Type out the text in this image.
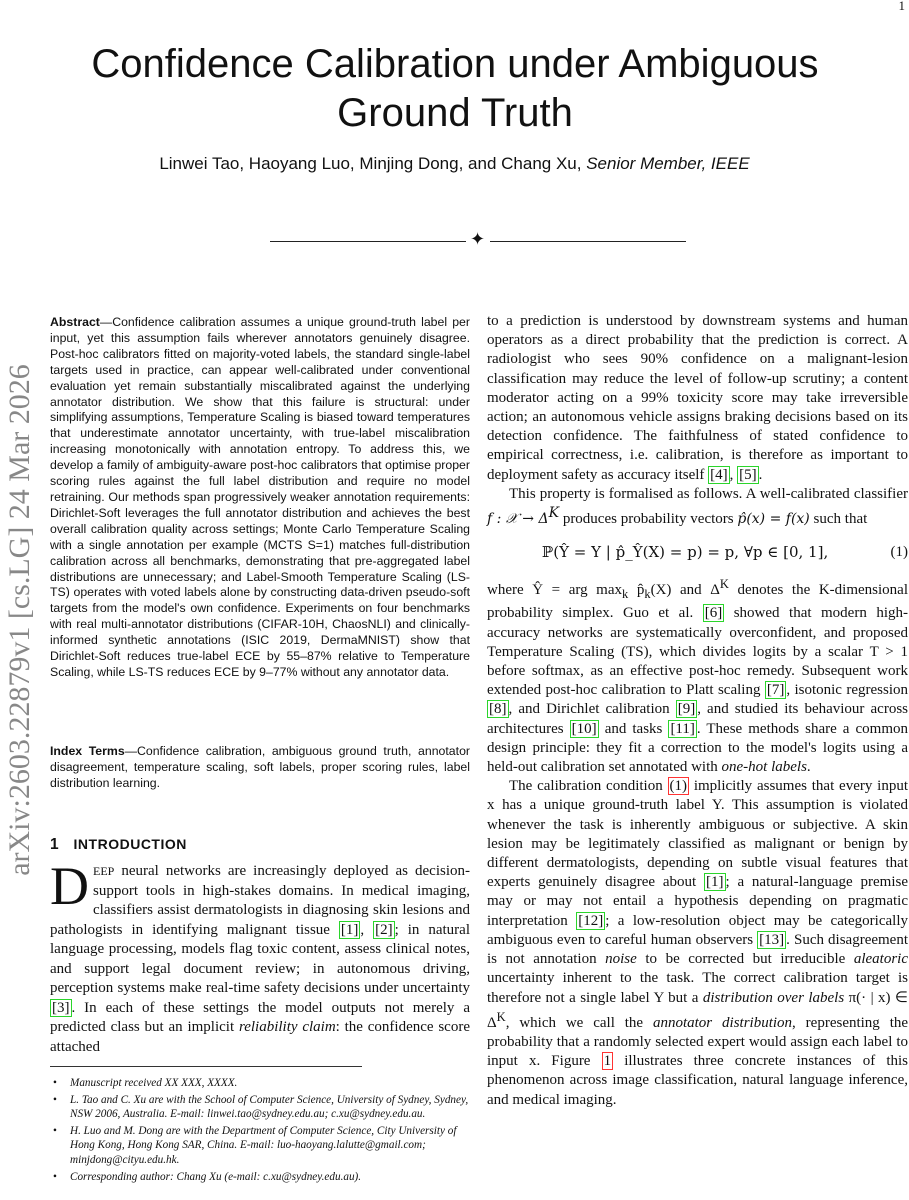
1
arXiv:2603.22879v1 [cs.LG] 24 Mar 2026
Confidence Calibration under Ambiguous Ground Truth
Linwei Tao, Haoyang Luo, Minjing Dong, and Chang Xu, Senior Member, IEEE
✦
Abstract—Confidence calibration assumes a unique ground-truth label per input, yet this assumption fails wherever annotators genuinely disagree. Post-hoc calibrators fitted on majority-voted labels, the standard single-label targets used in practice, can appear well-calibrated under conventional evaluation yet remain substantially miscalibrated against the underlying annotator distribution. We show that this failure is structural: under simplifying assumptions, Temperature Scaling is biased toward temperatures that underestimate annotator uncertainty, with true-label miscalibration increasing monotonically with annotation entropy. To address this, we develop a family of ambiguity-aware post-hoc calibrators that optimise proper scoring rules against the full label distribution and require no model retraining. Our methods span progressively weaker annotation requirements: Dirichlet-Soft leverages the full annotator distribution and achieves the best overall calibration quality across settings; Monte Carlo Temperature Scaling with a single annotation per example (MCTS S=1) matches full-distribution calibration across all benchmarks, demonstrating that pre-aggregated label distributions are unnecessary; and Label-Smooth Temperature Scaling (LS-TS) operates with voted labels alone by constructing data-driven pseudo-soft targets from the model's own confidence. Experiments on four benchmarks with real multi-annotator distributions (CIFAR-10H, ChaosNLI) and clinically-informed synthetic annotations (ISIC 2019, DermaMNIST) show that Dirichlet-Soft reduces true-label ECE by 55–87% relative to Temperature Scaling, while LS-TS reduces ECE by 9–77% without any annotator data.
Index Terms—Confidence calibration, ambiguous ground truth, annotator disagreement, temperature scaling, soft labels, proper scoring rules, label distribution learning.
1 INTRODUCTION
DEEP neural networks are increasingly deployed as decision-support tools in high-stakes domains. In medical imaging, classifiers assist dermatologists in diagnosing skin lesions and pathologists in identifying malignant tissue [1] , [2] ; in natural language processing, models flag toxic content, assess clinical notes, and support legal document review; in autonomous driving, perception systems make real-time safety decisions under uncertainty [3] . In each of these settings the model outputs not merely a predicted class but an implicit reliability claim: the confidence score attached
• Manuscript received XX XXX, XXXX.
• L. Tao and C. Xu are with the School of Computer Science, University of Sydney, Sydney, NSW 2006, Australia. E-mail: linwei.tao@sydney.edu.au; c.xu@sydney.edu.au.
• H. Luo and M. Dong are with the Department of Computer Science, City University of Hong Kong, Hong Kong SAR, China. E-mail: luo-haoyang.lalutte@gmail.com; minjdong@cityu.edu.hk.
• Corresponding author: Chang Xu (e-mail: c.xu@sydney.edu.au).

to a prediction is understood by downstream systems and human operators as a direct probability that the prediction is correct. A radiologist who sees 90% confidence on a malignant-lesion classification may reduce the level of follow-up scrutiny; a content moderator acting on a 99% toxicity score may take irreversible action; an autonomous vehicle assigns braking decisions based on its detection confidence. The faithfulness of stated confidence to empirical correctness, i.e. calibration, is therefore as important to deployment safety as accuracy itself [4] , [5] .

This property is formalised as follows. A well-calibrated classifier f : 𝒳 → $\Delta^K$ produces probability vectors p̂(x) = f(x) such that

ℙ(Ŷ = Y | p̂_Ŷ(X) = p) = p, ∀p ∈ [0, 1],	(1)

where Ŷ = arg $\max_k$ $p̂_k(X)$ and $\Delta^K$ denotes the K-dimensional probability simplex. Guo et al. [6] showed that modern high-accuracy networks are systematically overconfident, and proposed Temperature Scaling (TS), which divides logits by a scalar T > 1 before softmax, as an effective post-hoc remedy. Subsequent work extended post-hoc calibration to Platt scaling [7] , isotonic regression [8] , and Dirichlet calibration [9] , and studied its behaviour across architectures [10] and tasks [11] . These methods share a common design principle: they fit a correction to the model's logits using a held-out calibration set annotated with one-hot labels.

The calibration condition (1) implicitly assumes that every input x has a unique ground-truth label Y. This assumption is violated whenever the task is inherently ambiguous or subjective. A skin lesion may be legitimately classified as malignant or benign by different dermatologists, depending on subtle visual features that experts genuinely disagree about [1] ; a natural-language premise may or may not entail a hypothesis depending on pragmatic interpretation [12] ; a low-resolution object may be categorically ambiguous even to careful human observers [13] . Such disagreement is not annotation noise to be corrected but irreducible aleatoric uncertainty inherent to the task. The correct calibration target is therefore not a single label Y but a distribution over labels π(· | x) ∈ $\Delta^K$, which we call the annotator distribution, representing the probability that a randomly selected expert would assign each label to input x. Figure 1 illustrates three concrete instances of this phenomenon across image classification, natural language inference, and medical imaging.
